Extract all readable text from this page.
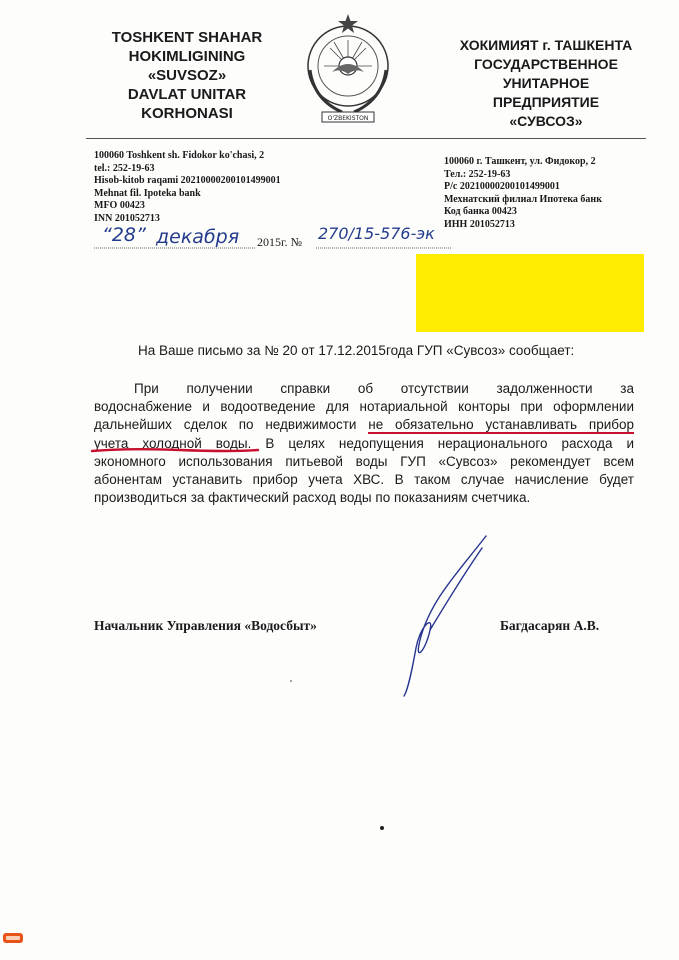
TOSHKENT SHAHAR
HOKIMLIGINING
«SUVSOZ»
DAVLAT UNITAR
KORHONASI	O'ZBEKISTON
ХОКИМИЯТ г. ТАШКЕНТА
ГОСУДАРСТВЕННОЕ
УНИТАРНОЕ
ПРЕДПРИЯТИЕ
«СУВСОЗ»
100060 Toshkent sh. Fidokor ko'chasi, 2
tel.: 252-19-63
Hisob-kitob raqami 20210000200101499001
Mehnat fil. Ipoteka bank
MFO 00423
INN 201052713
100060 г. Ташкент, ул. Фидокор, 2
Тел.: 252-19-63
Р/с 20210000200101499001
Мехнатский филиал Ипотека банк
Код банка 00423
ИНН 201052713
“28” декабря 2015г. № 270/15-576-эк
На Ваше письмо за № 20 от 17.12.2015года ГУП «Сувсоз» сообщает:
При получении справки об отсутствии задолженности за
водоснабжение и водоотведение для нотариальной конторы при оформлении
дальнейших сделок по недвижимости не обязательно устанавливать прибор
учета холодной воды. В целях недопущения нерационального расхода и
экономного использования питьевой воды ГУП «Сувсоз» рекомендует всем
абонентам устанавить прибор учета ХВС. В таком случае начисление будет
производиться за фактический расход воды по показаниям счетчика.
Начальник Управления «Водосбыт»	Багдасарян А.В.
